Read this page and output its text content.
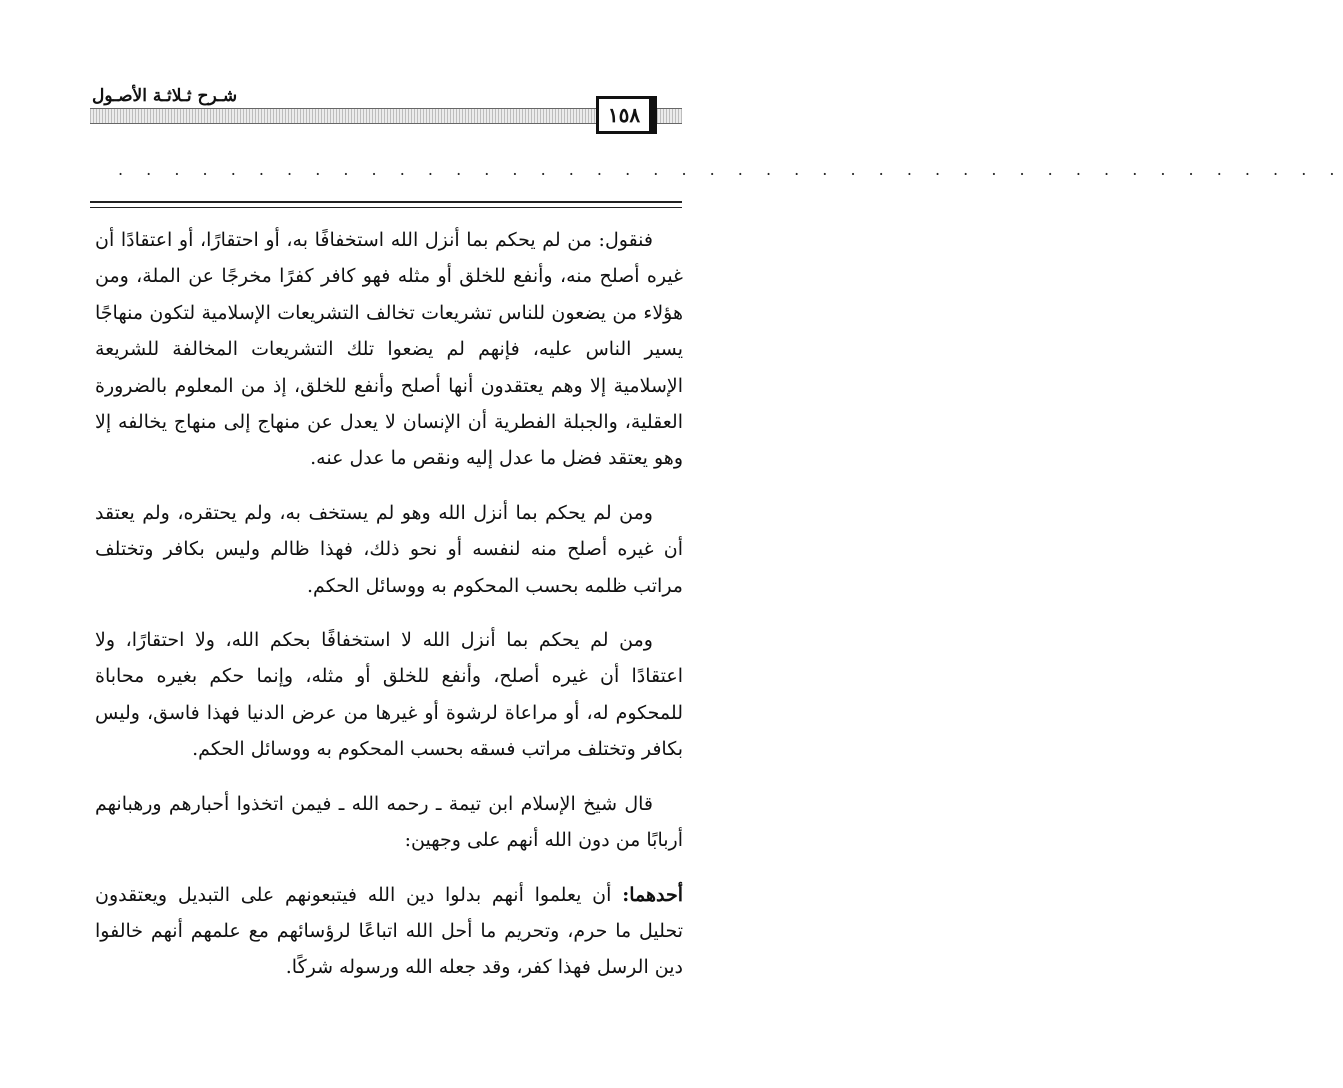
شـرح ثـلاثـة الأصـول
١٥٨
. . . . . . . . . . . . . . . . . . . . . . . . . . . . . . . . . . . . . . . . . . . .

فنقول: من لم يحكم بما أنزل الله استخفافًا به، أو احتقارًا، أو اعتقادًا أن غيره أصلح منه، وأنفع للخلق أو مثله فهو كافر كفرًا مخرجًا عن الملة، ومن هؤلاء من يضعون للناس تشريعات تخالف التشريعات الإسلامية لتكون منهاجًا يسير الناس عليه، فإنهم لم يضعوا تلك التشريعات المخالفة للشريعة الإسلامية إلا وهم يعتقدون أنها أصلح وأنفع للخلق، إذ من المعلوم بالضرورة العقلية، والجبلة الفطرية أن الإنسان لا يعدل عن منهاج إلى منهاج يخالفه إلا وهو يعتقد فضل ما عدل إليه ونقص ما عدل عنه.

ومن لم يحكم بما أنزل الله وهو لم يستخف به، ولم يحتقره، ولم يعتقد أن غيره أصلح منه لنفسه أو نحو ذلك، فهذا ظالم وليس بكافر وتختلف مراتب ظلمه بحسب المحكوم به ووسائل الحكم.

ومن لم يحكم بما أنزل الله لا استخفافًا بحكم الله، ولا احتقارًا، ولا اعتقادًا أن غيره أصلح، وأنفع للخلق أو مثله، وإنما حكم بغيره محاباة للمحكوم له، أو مراعاة لرشوة أو غيرها من عرض الدنيا فهذا فاسق، وليس بكافر وتختلف مراتب فسقه بحسب المحكوم به ووسائل الحكم.

قال شيخ الإسلام ابن تيمة ـ رحمه الله ـ فيمن اتخذوا أحبارهم ورهبانهم أربابًا من دون الله أنهم على وجهين:

أحدهما: أن يعلموا أنهم بدلوا دين الله فيتبعونهم على التبديل ويعتقدون تحليل ما حرم، وتحريم ما أحل الله اتباعًا لرؤسائهم مع علمهم أنهم خالفوا دين الرسل فهذا كفر، وقد جعله الله ورسوله شركًا.
